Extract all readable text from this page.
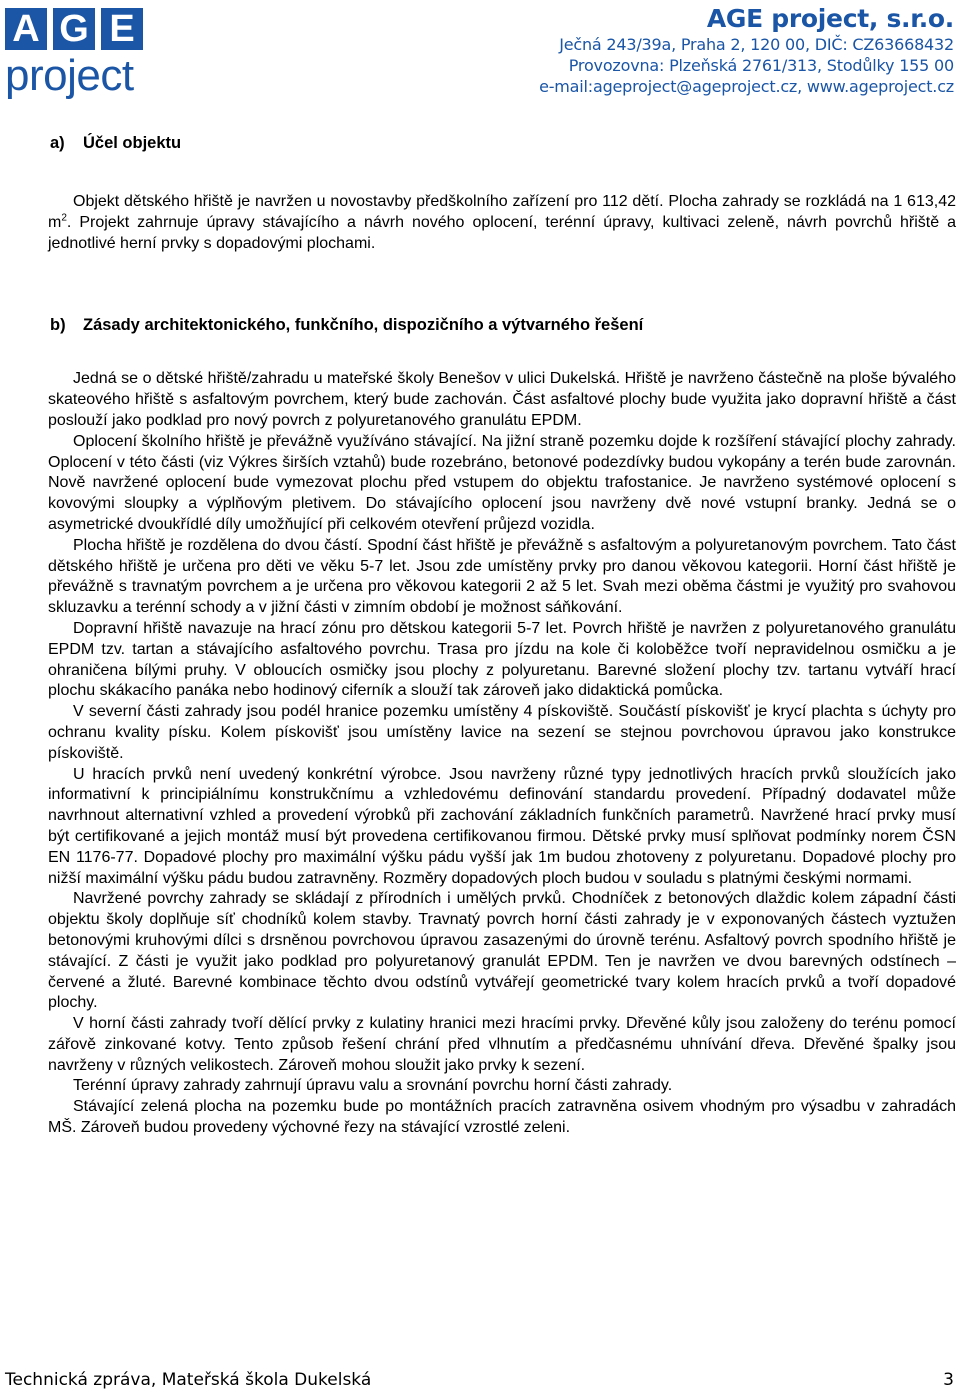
A G E
project
AGE project, s.r.o.
Ječná 243/39a, Praha 2, 120 00, DIČ: CZ63668432
Provozovna: Plzeňská 2761/313, Stodůlky 155 00
e-mail:ageproject@ageproject.cz, www.ageproject.cz
a)	Účel objektu

Objekt dětského hřiště je navržen u novostavby předškolního zařízení pro 112 dětí. Plocha zahrady se rozkládá na 1 613,42 $m^2$. Projekt zahrnuje úpravy stávajícího a návrh nového oplocení, terénní úpravy, kultivaci zeleně, návrh povrchů hřiště a jednotlivé herní prvky s dopadovými plochami.

b)	Zásady architektonického, funkčního, dispozičního a výtvarného řešení

Jedná se o dětské hřiště/zahradu u mateřské školy Benešov v ulici Dukelská. Hřiště je navrženo částečně na ploše bývalého skateového hřiště s asfaltovým povrchem, který bude zachován. Část asfaltové plochy bude využita jako dopravní hřiště a část poslouží jako podklad pro nový povrch z polyuretanového granulátu EPDM.

Oplocení školního hřiště je převážně využíváno stávající. Na jižní straně pozemku dojde k rozšíření stávající plochy zahrady. Oplocení v této části (viz Výkres širších vztahů) bude rozebráno, betonové podezdívky budou vykopány a terén bude zarovnán. Nově navržené oplocení bude vymezovat plochu před vstupem do objektu trafostanice. Je navrženo systémové oplocení s kovovými sloupky a výplňovým pletivem. Do stávajícího oplocení jsou navrženy dvě nové vstupní branky. Jedná se o asymetrické dvoukřídlé díly umožňující při celkovém otevření průjezd vozidla.

Plocha hřiště je rozdělena do dvou částí. Spodní část hřiště je převážně s asfaltovým a polyuretanovým povrchem. Tato část dětského hřiště je určena pro děti ve věku 5-7 let. Jsou zde umístěny prvky pro danou věkovou kategorii. Horní část hřiště je převážně s travnatým povrchem a je určena pro věkovou kategorii 2 až 5 let. Svah mezi oběma částmi je využitý pro svahovou skluzavku a terénní schody a v jižní části v zimním období je možnost sáňkování.

Dopravní hřiště navazuje na hrací zónu pro dětskou kategorii 5-7 let. Povrch hřiště je navržen z polyuretanového granulátu EPDM tzv. tartan a stávajícího asfaltového povrchu. Trasa pro jízdu na kole či koloběžce tvoří nepravidelnou osmičku a je ohraničena bílými pruhy. V obloucích osmičky jsou plochy z polyuretanu. Barevné složení plochy tzv. tartanu vytváří hrací plochu skákacího panáka nebo hodinový ciferník a slouží tak zároveň jako didaktická pomůcka.

V severní části zahrady jsou podél hranice pozemku umístěny 4 pískoviště. Součástí pískovišť je krycí plachta s úchyty pro ochranu kvality písku. Kolem pískovišť jsou umístěny lavice na sezení se stejnou povrchovou úpravou jako konstrukce pískoviště.

U hracích prvků není uvedený konkrétní výrobce. Jsou navrženy různé typy jednotlivých hracích prvků sloužících jako informativní k principiálnímu konstrukčnímu a vzhledovému definování standardu provedení. Případný dodavatel může navrhnout alternativní vzhled a provedení výrobků při zachování základních funkčních parametrů. Navržené hrací prvky musí být certifikované a jejich montáž musí být provedena certifikovanou firmou. Dětské prvky musí splňovat podmínky norem ČSN EN 1176-77. Dopadové plochy pro maximální výšku pádu vyšší jak 1m budou zhotoveny z polyuretanu. Dopadové plochy pro nižší maximální výšku pádu budou zatravněny. Rozměry dopadových ploch budou v souladu s platnými českými normami.

Navržené povrchy zahrady se skládají z přírodních i umělých prvků. Chodníček z betonových dlaždic kolem západní části objektu školy doplňuje síť chodníků kolem stavby. Travnatý povrch horní části zahrady je v exponovaných částech vyztužen betonovými kruhovými dílci s drsněnou povrchovou úpravou zasazenými do úrovně terénu. Asfaltový povrch spodního hřiště je stávající. Z části je využit jako podklad pro polyuretanový granulát EPDM. Ten je navržen ve dvou barevných odstínech – červené a žluté. Barevné kombinace těchto dvou odstínů vytvářejí geometrické tvary kolem hracích prvků a tvoří dopadové plochy.

V horní části zahrady tvoří dělící prvky z kulatiny hranici mezi hracími prvky. Dřevěné kůly jsou založeny do terénu pomocí zářově zinkované kotvy. Tento způsob řešení chrání před vlhnutím a předčasnému uhnívání dřeva. Dřevěné špalky jsou navrženy v různých velikostech. Zároveň mohou sloužit jako prvky k sezení.

Terénní úpravy zahrady zahrnují úpravu valu a srovnání povrchu horní části zahrady.

Stávající zelená plocha na pozemku bude po montážních pracích zatravněna osivem vhodným pro výsadbu v zahradách MŠ. Zároveň budou provedeny výchovné řezy na stávající vzrostlé zeleni.

Technická zpráva, Mateřská škola Dukelská	3
